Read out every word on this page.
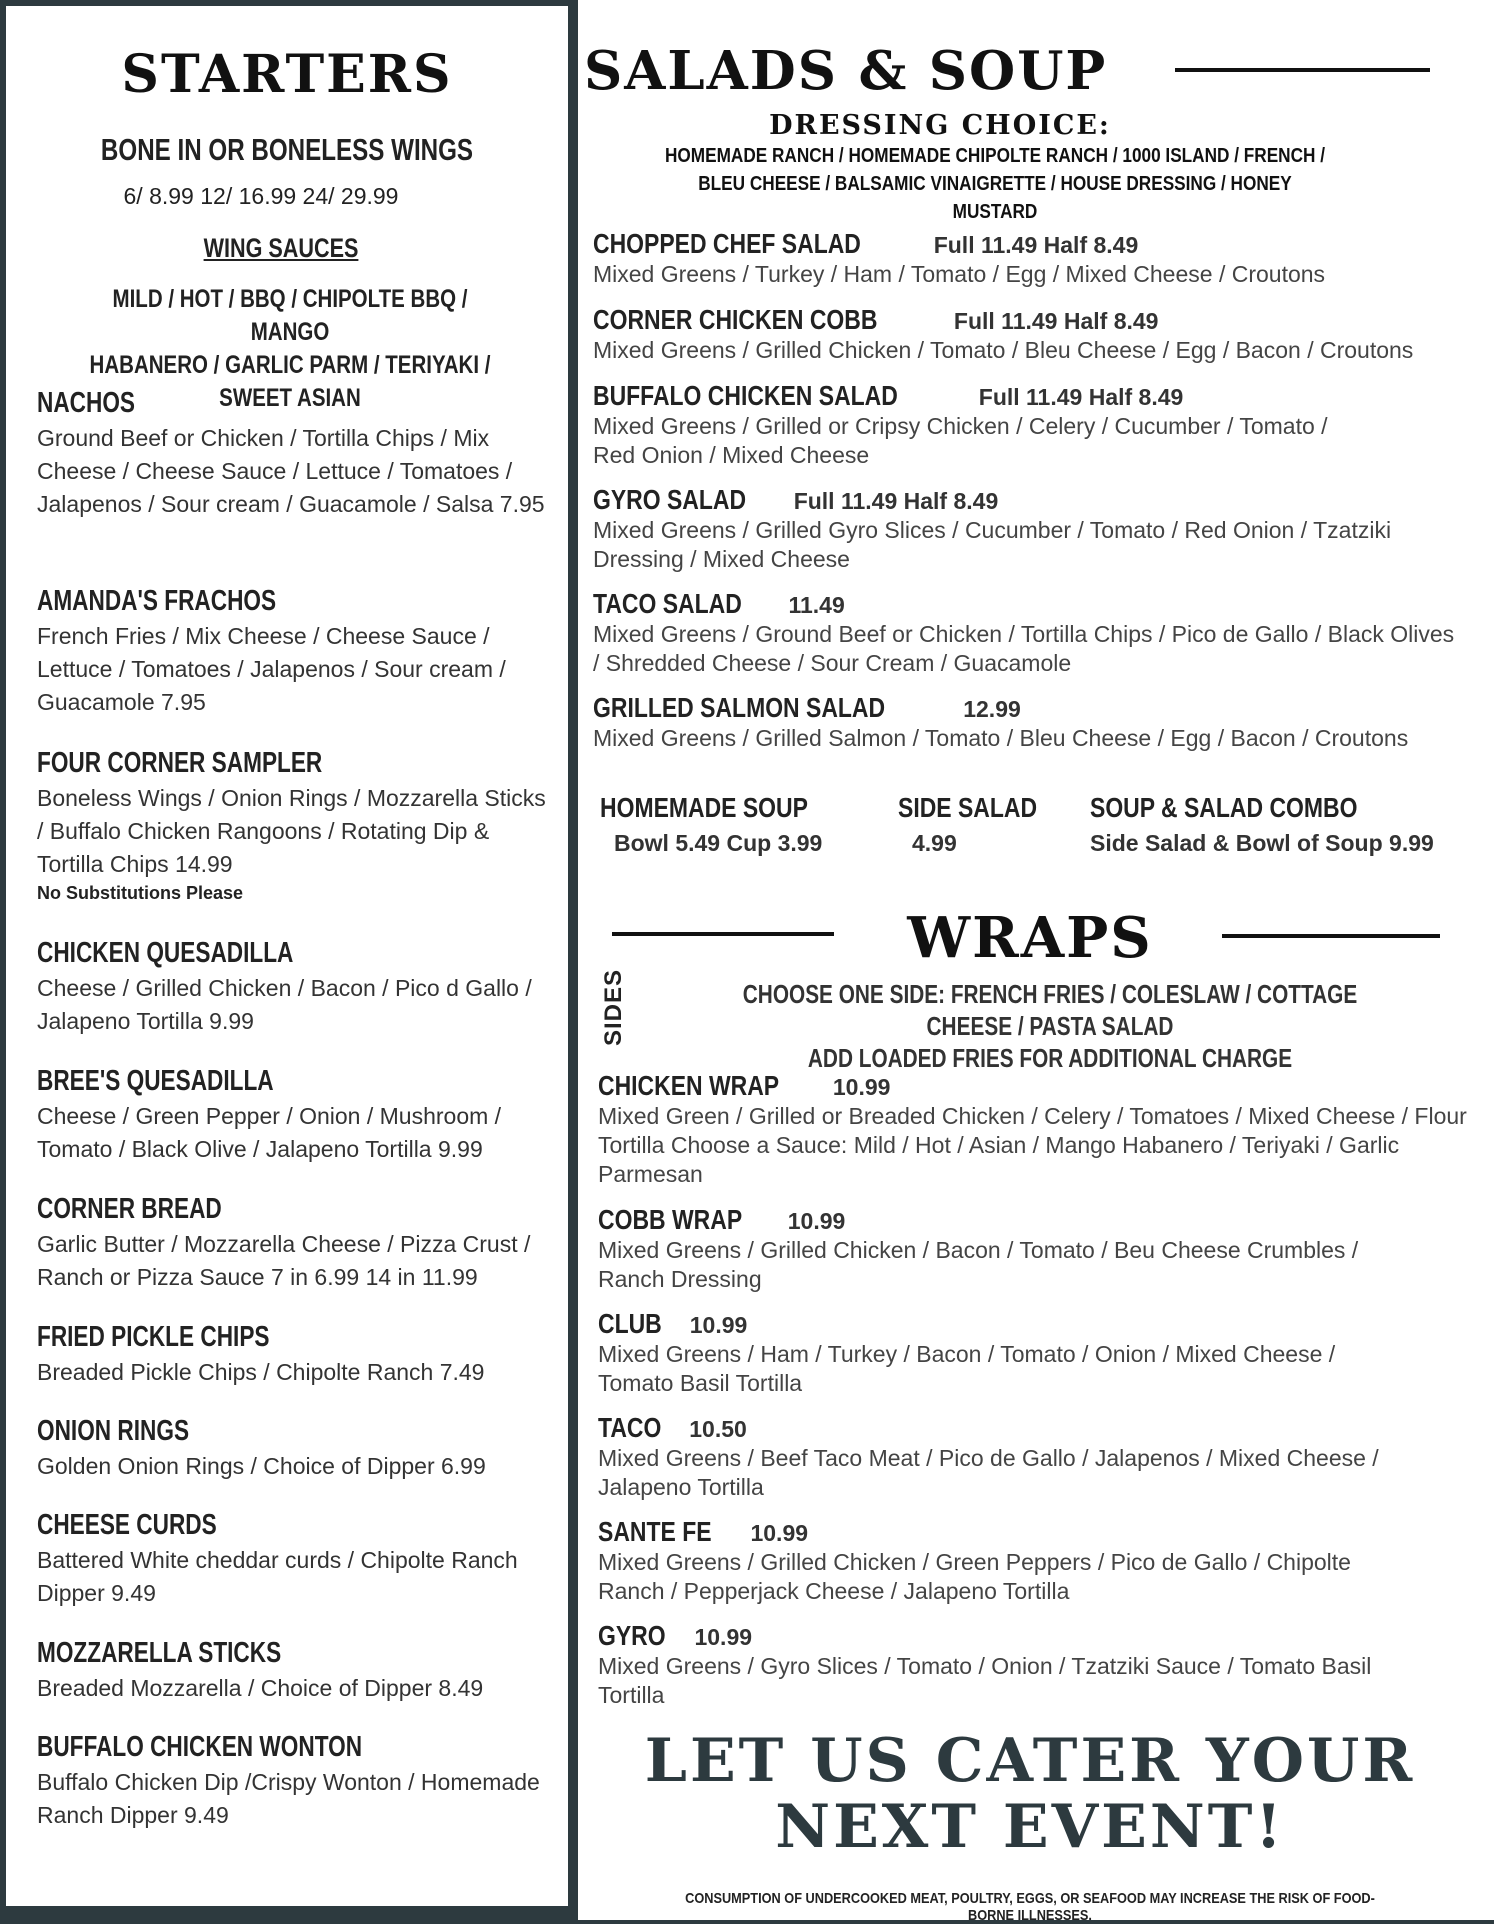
STARTERS
BONE IN OR BONELESS WINGS
6/ 8.99 12/ 16.99 24/ 29.99
WING SAUCES
MILD / HOT / BBQ / CHIPOLTE BBQ / MANGO
HABANERO / GARLIC PARM / TERIYAKI /
SWEET ASIAN
NACHOS
Ground Beef or Chicken / Tortilla Chips / Mix Cheese / Cheese Sauce / Lettuce / Tomatoes / Jalapenos / Sour cream / Guacamole / Salsa 7.95
AMANDA'S FRACHOS
French Fries / Mix Cheese / Cheese Sauce / Lettuce / Tomatoes / Jalapenos / Sour cream / Guacamole 7.95
FOUR CORNER SAMPLER
Boneless Wings / Onion Rings / Mozzarella Sticks / Buffalo Chicken Rangoons / Rotating Dip & Tortilla Chips 14.99
No Substitutions Please
CHICKEN QUESADILLA
Cheese / Grilled Chicken / Bacon / Pico d Gallo / Jalapeno Tortilla 9.99
BREE'S QUESADILLA
Cheese / Green Pepper / Onion / Mushroom / Tomato / Black Olive / Jalapeno Tortilla 9.99
CORNER BREAD
Garlic Butter / Mozzarella Cheese / Pizza Crust / Ranch or Pizza Sauce 7 in 6.99 14 in 11.99
FRIED PICKLE CHIPS
Breaded Pickle Chips / Chipolte Ranch 7.49
ONION RINGS
Golden Onion Rings / Choice of Dipper 6.99
CHEESE CURDS
Battered White cheddar curds / Chipolte Ranch Dipper 9.49
MOZZARELLA STICKS
Breaded Mozzarella / Choice of Dipper 8.49
BUFFALO CHICKEN WONTON
Buffalo Chicken Dip /Crispy Wonton / Homemade Ranch Dipper 9.49
SALADS & SOUP
DRESSING CHOICE:
HOMEMADE RANCH / HOMEMADE CHIPOLTE RANCH / 1000 ISLAND / FRENCH /
BLEU CHEESE / BALSAMIC VINAIGRETTE / HOUSE DRESSING / HONEY MUSTARD
CHOPPED CHEF SALAD	Full 11.49 Half 8.49
Mixed Greens / Turkey / Ham / Tomato / Egg / Mixed Cheese / Croutons
CORNER CHICKEN COBB	Full 11.49 Half 8.49
Mixed Greens / Grilled Chicken / Tomato / Bleu Cheese / Egg / Bacon / Croutons
BUFFALO CHICKEN SALAD	Full 11.49 Half 8.49
Mixed Greens / Grilled or Cripsy Chicken / Celery / Cucumber / Tomato / Red Onion / Mixed Cheese
GYRO SALAD Full 11.49 Half 8.49
Mixed Greens / Grilled Gyro Slices / Cucumber / Tomato / Red Onion / Tzatziki Dressing / Mixed Cheese
TACO SALAD 11.49
Mixed Greens / Ground Beef or Chicken / Tortilla Chips / Pico de Gallo / Black Olives / Shredded Cheese / Sour Cream / Guacamole
GRILLED SALMON SALAD	12.99
Mixed Greens / Grilled Salmon / Tomato / Bleu Cheese / Egg / Bacon / Croutons
HOMEMADE SOUP
Bowl 5.49 Cup 3.99
SIDE SALAD
4.99
SOUP & SALAD COMBO
Side Salad & Bowl of Soup 9.99
WRAPS
SIDES	CHOOSE ONE SIDE: FRENCH FRIES / COLESLAW / COTTAGE CHEESE / PASTA SALAD
ADD LOADED FRIES FOR ADDITIONAL CHARGE
CHICKEN WRAP 10.99
Mixed Green / Grilled or Breaded Chicken / Celery / Tomatoes / Mixed Cheese / Flour Tortilla Choose a Sauce: Mild / Hot / Asian / Mango Habanero / Teriyaki / Garlic Parmesan
COBB WRAP 10.99
Mixed Greens / Grilled Chicken / Bacon / Tomato / Beu Cheese Crumbles / Ranch Dressing
CLUB 10.99
Mixed Greens / Ham / Turkey / Bacon / Tomato / Onion / Mixed Cheese / Tomato Basil Tortilla
TACO 10.50
Mixed Greens / Beef Taco Meat / Pico de Gallo / Jalapenos / Mixed Cheese / Jalapeno Tortilla
SANTE FE 10.99
Mixed Greens / Grilled Chicken / Green Peppers / Pico de Gallo / Chipolte Ranch / Pepperjack Cheese / Jalapeno Tortilla
GYRO 10.99
Mixed Greens / Gyro Slices / Tomato / Onion / Tzatziki Sauce / Tomato Basil Tortilla
LET US CATER YOUR
NEXT EVENT!
CONSUMPTION OF UNDERCOOKED MEAT, POULTRY, EGGS, OR SEAFOOD MAY INCREASE THE RISK OF FOOD-BORNE ILLNESSES.
